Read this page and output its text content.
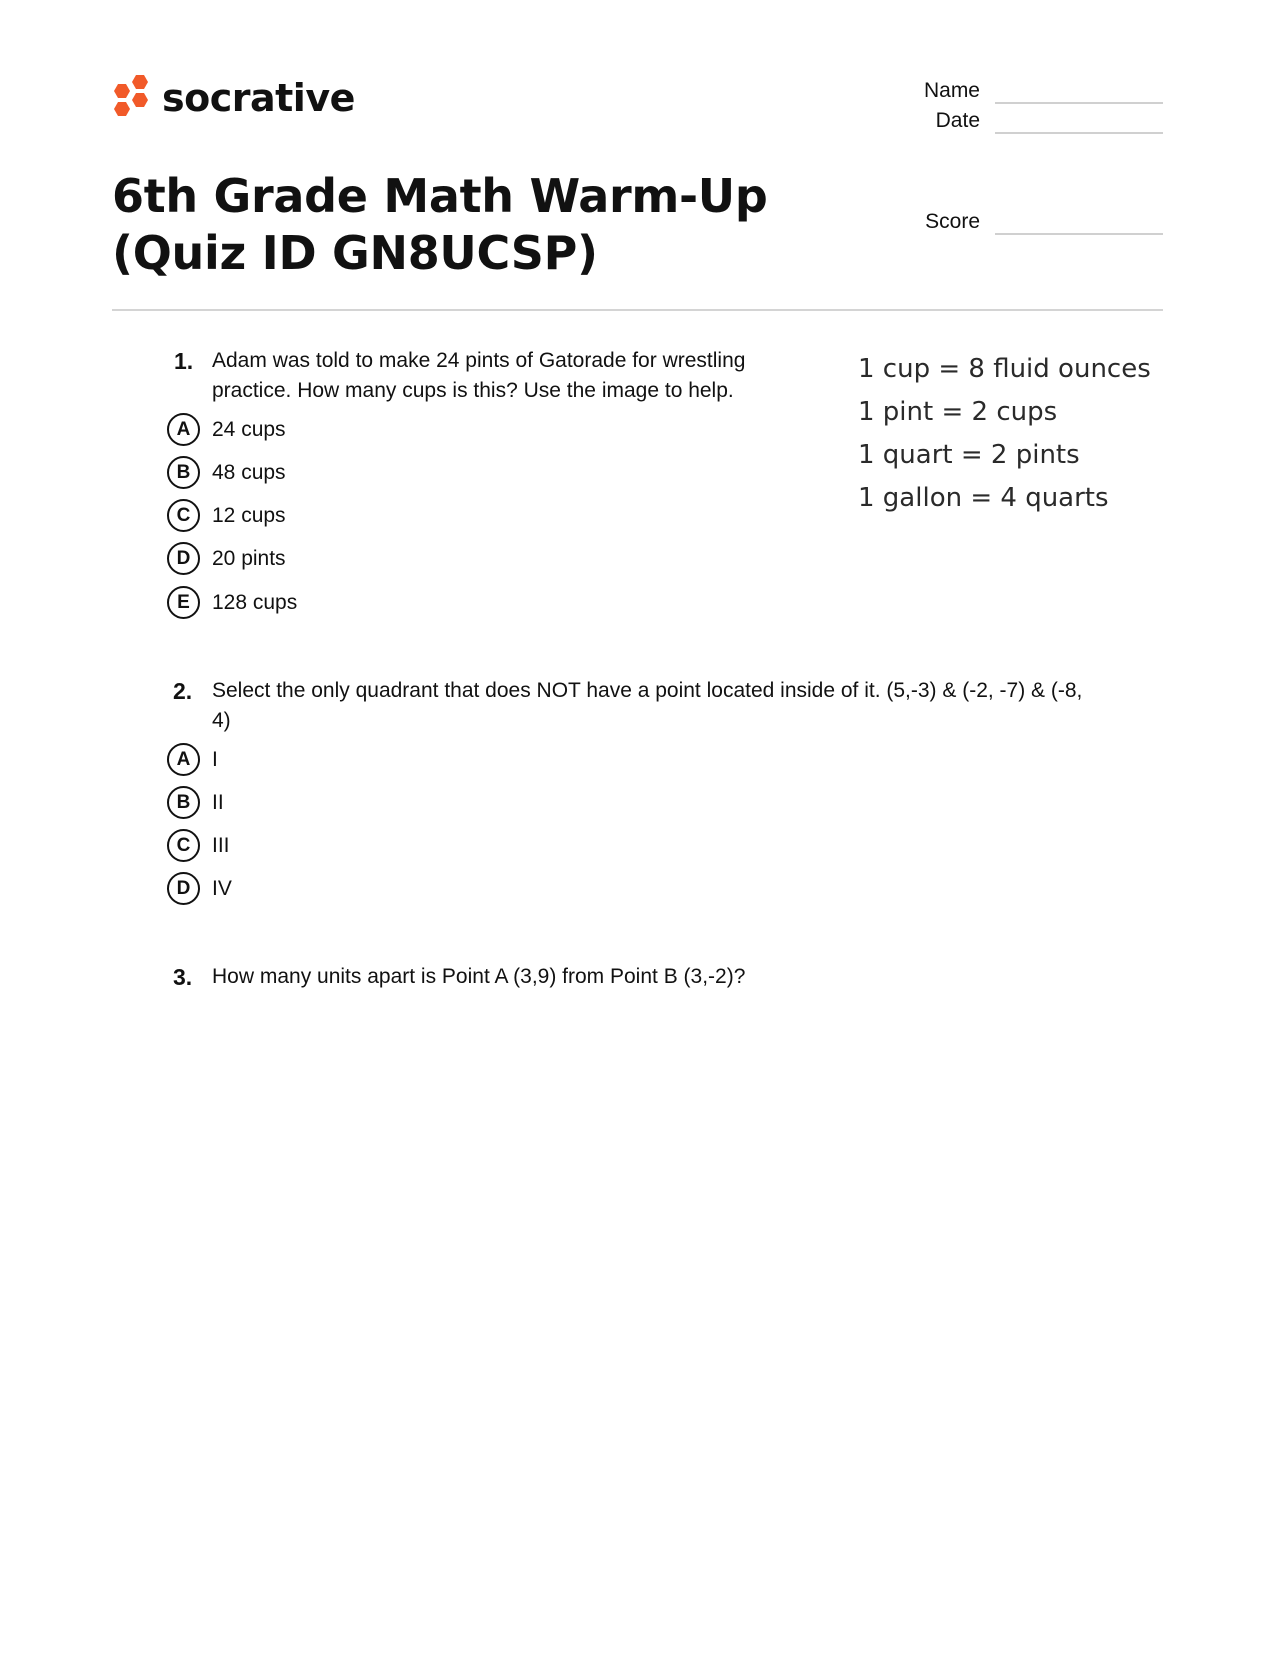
socrative	Name
Date
Score
6th Grade Math Warm-Up (Quiz ID GN8UCSP)
1. Adam was told to make 24 pints of Gatorade for wrestling
practice. How many cups is this? Use the image to help.
A	24 cups
B	48 cups
C	12 cups
D	20 pints
E	128 cups
1 cup = 8 fluid ounces
1 pint = 2 cups
1 quart = 2 pints
1 gallon = 4 quarts
2. Select the only quadrant that does NOT have a point located inside of it. (5,-3) & (-2, -7) & (-8,
4)
A	I
B	II
C	III
D	IV
3. How many units apart is Point A (3,9) from Point B (3,-2)?
